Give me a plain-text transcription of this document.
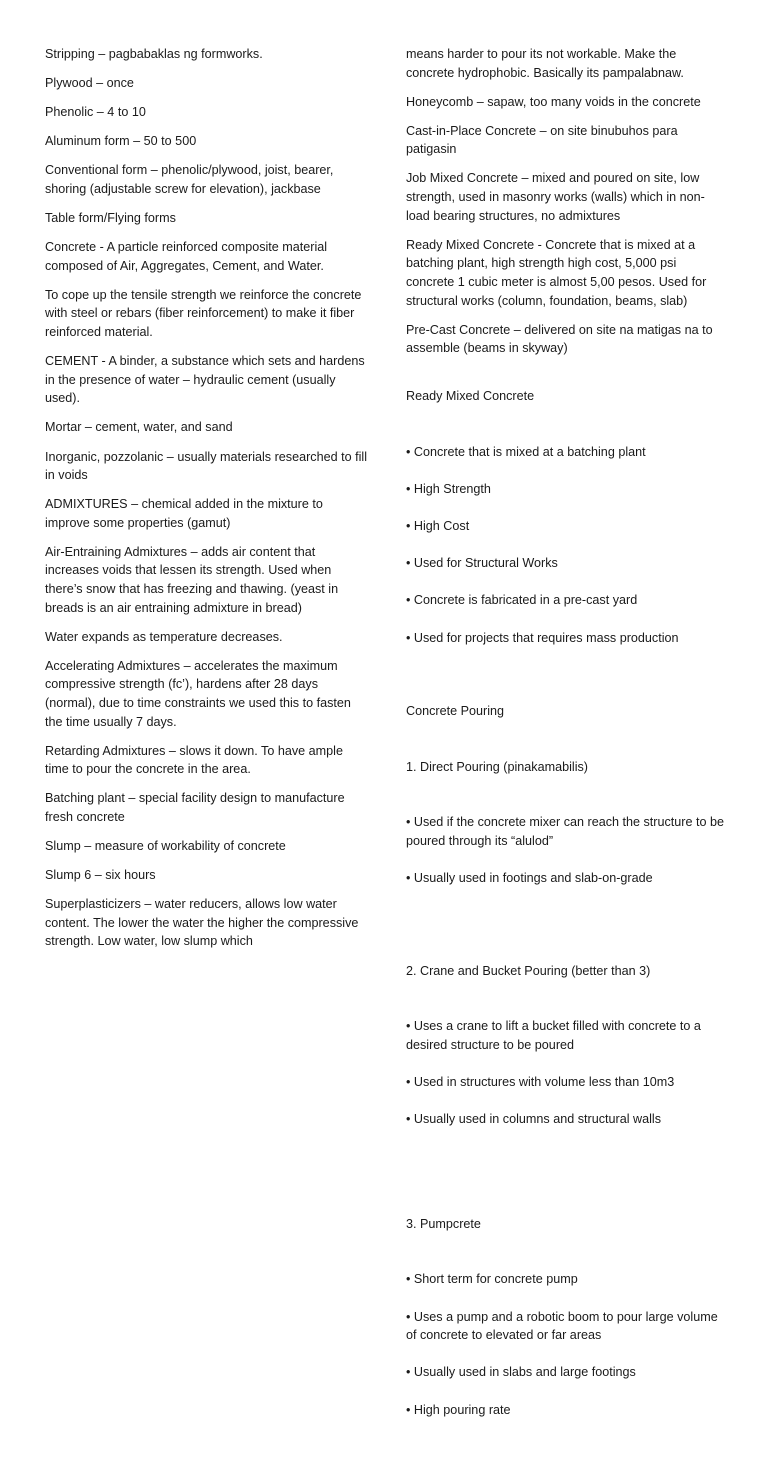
Stripping – pagbabaklas ng formworks.

Plywood – once

Phenolic – 4 to 10

Aluminum form – 50 to 500

Conventional form – phenolic/plywood, joist, bearer, shoring (adjustable screw for elevation), jackbase

Table form/Flying forms

Concrete - A particle reinforced composite material composed of Air, Aggregates, Cement, and Water.

To cope up the tensile strength we reinforce the concrete with steel or rebars (fiber reinforcement) to make it fiber reinforced material.

CEMENT - A binder, a substance which sets and hardens in the presence of water – hydraulic cement (usually used).

Mortar – cement, water, and sand

Inorganic, pozzolanic – usually materials researched to fill in voids

ADMIXTURES – chemical added in the mixture to improve some properties (gamut)

Air-Entraining Admixtures – adds air content that increases voids that lessen its strength. Used when there’s snow that has freezing and thawing. (yeast in breads is an air entraining admixture in bread)

Water expands as temperature decreases.

Accelerating Admixtures – accelerates the maximum compressive strength (fc’), hardens after 28 days (normal), due to time constraints we used this to fasten the time usually 7 days.

Retarding Admixtures – slows it down. To have ample time to pour the concrete in the area.

Batching plant – special facility design to manufacture fresh concrete

Slump – measure of workability of concrete

Slump 6 – six hours

Superplasticizers – water reducers, allows low water content. The lower the water the higher the compressive strength. Low water, low slump which

means harder to pour its not workable. Make the concrete hydrophobic. Basically its pampalabnaw.

Honeycomb – sapaw, too many voids in the concrete

Cast-in-Place Concrete – on site binubuhos para patigasin

Job Mixed Concrete – mixed and poured on site, low strength, used in masonry works (walls) which in non-load bearing structures, no admixtures

Ready Mixed Concrete - Concrete that is mixed at a batching plant, high strength high cost, 5,000 psi concrete 1 cubic meter is almost 5,00 pesos. Used for structural works (column, foundation, beams, slab)

Pre-Cast Concrete – delivered on site na matigas na to assemble (beams in skyway)

Ready Mixed Concrete

• Concrete that is mixed at a batching plant

• High Strength

• High Cost

• Used for Structural Works

• Concrete is fabricated in a pre-cast yard

• Used for projects that requires mass production

Concrete Pouring

1. Direct Pouring (pinakamabilis)

• Used if the concrete mixer can reach the structure to be poured through its “alulod”

• Usually used in footings and slab-on-grade

2. Crane and Bucket Pouring (better than 3)

• Uses a crane to lift a bucket filled with concrete to a desired structure to be poured

• Used in structures with volume less than 10m3

• Usually used in columns and structural walls

3. Pumpcrete

• Short term for concrete pump

• Uses a pump and a robotic boom to pour large volume of concrete to elevated or far areas

• Usually used in slabs and large footings

• High pouring rate
